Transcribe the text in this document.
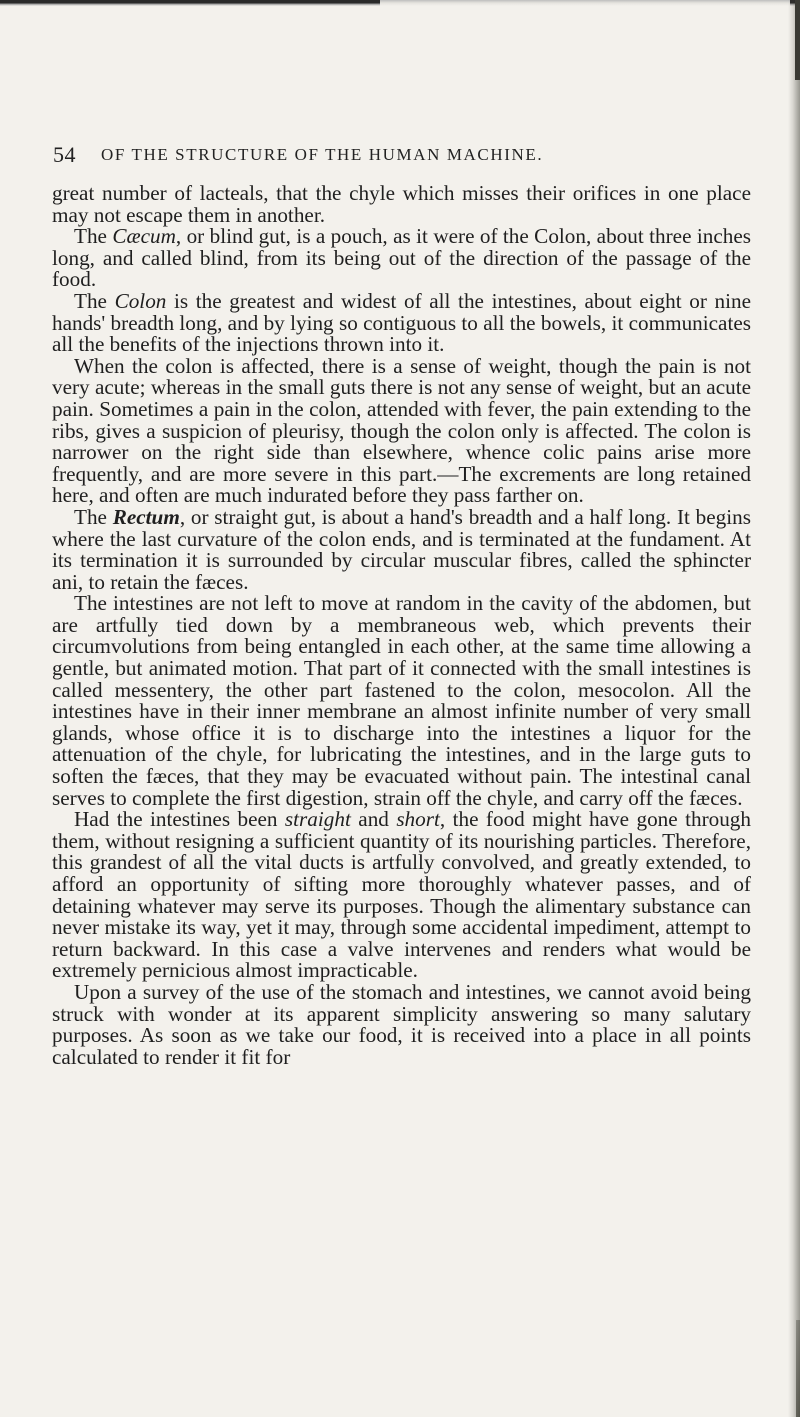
54 OF THE STRUCTURE OF THE HUMAN MACHINE.

great number of lacteals, that the chyle which misses their orifices in one place may not escape them in another.

The Cæcum, or blind gut, is a pouch, as it were of the Colon, about three inches long, and called blind, from its being out of the direction of the passage of the food.

The Colon is the greatest and widest of all the intestines, about eight or nine hands' breadth long, and by lying so contiguous to all the bowels, it communicates all the benefits of the injections thrown into it.

When the colon is affected, there is a sense of weight, though the pain is not very acute; whereas in the small guts there is not any sense of weight, but an acute pain. Sometimes a pain in the colon, attended with fever, the pain extending to the ribs, gives a suspicion of pleurisy, though the colon only is affected. The colon is narrower on the right side than elsewhere, whence colic pains arise more frequently, and are more severe in this part.—The excrements are long retained here, and often are much indurated before they pass farther on.

The Rectum, or straight gut, is about a hand's breadth and a half long. It begins where the last curvature of the colon ends, and is terminated at the fundament. At its termination it is surrounded by circular muscular fibres, called the sphincter ani, to retain the fæces.

The intestines are not left to move at random in the cavity of the abdomen, but are artfully tied down by a membraneous web, which prevents their circumvolutions from being entangled in each other, at the same time allowing a gentle, but animated motion. That part of it connected with the small intestines is called messentery, the other part fastened to the colon, mesocolon. All the intestines have in their inner membrane an almost infinite number of very small glands, whose office it is to discharge into the intestines a liquor for the attenuation of the chyle, for lubricating the intestines, and in the large guts to soften the fæces, that they may be evacuated without pain. The intestinal canal serves to complete the first digestion, strain off the chyle, and carry off the fæces.

Had the intestines been straight and short, the food might have gone through them, without resigning a sufficient quantity of its nourishing particles. Therefore, this grandest of all the vital ducts is artfully convolved, and greatly extended, to afford an opportunity of sifting more thoroughly whatever passes, and of detaining whatever may serve its purposes. Though the alimentary substance can never mistake its way, yet it may, through some accidental impediment, attempt to return backward. In this case a valve intervenes and renders what would be extremely pernicious almost impracticable.

Upon a survey of the use of the stomach and intestines, we cannot avoid being struck with wonder at its apparent simplicity answering so many salutary purposes. As soon as we take our food, it is received into a place in all points calculated to render it fit for
